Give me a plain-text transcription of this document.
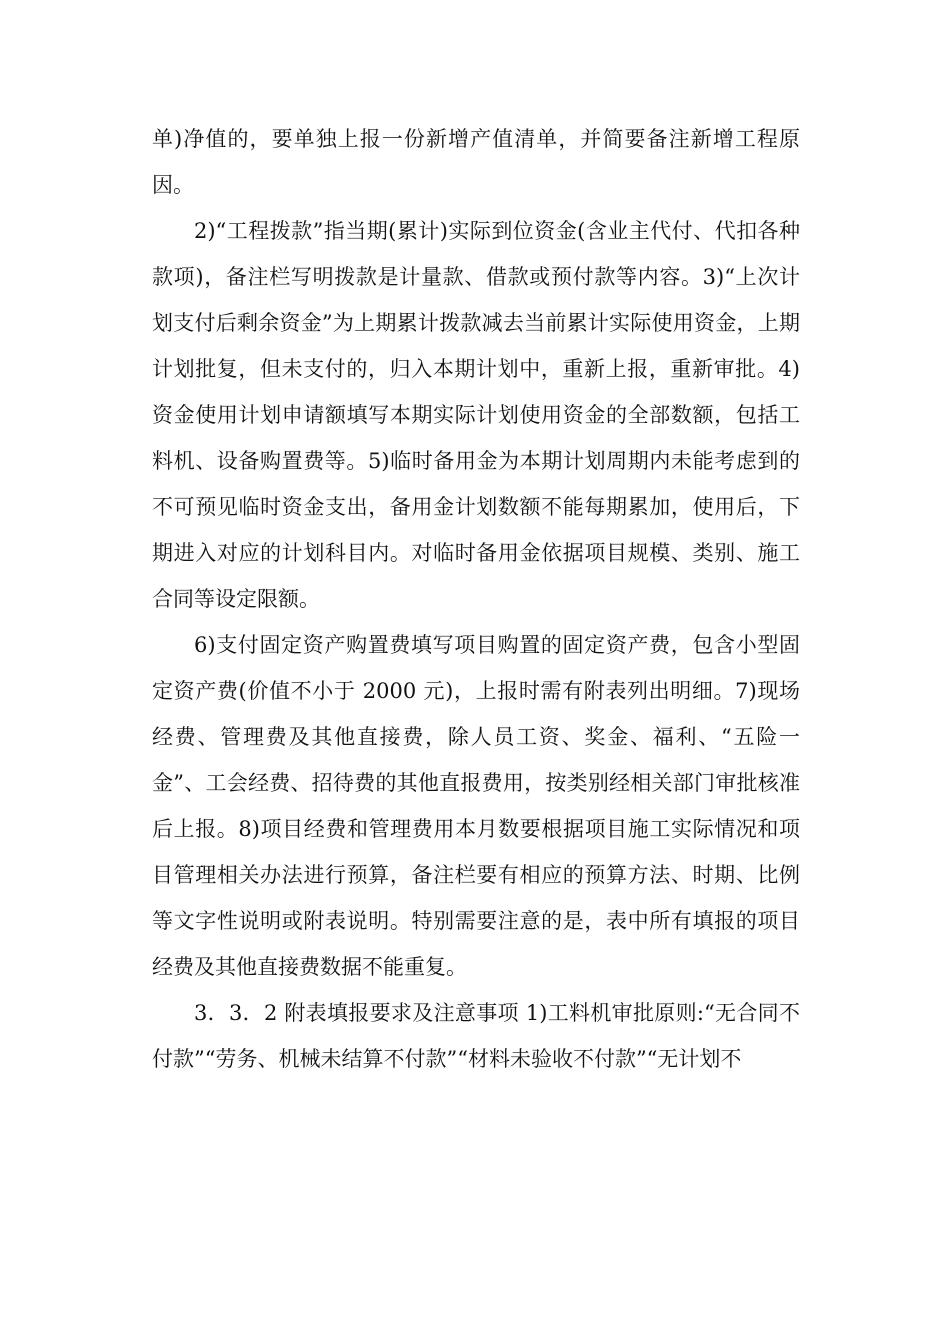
单)净值的，要单独上报一份新增产值清单，并简要备注新增工程原因。

2)“工程拨款”指当期(累计)实际到位资金(含业主代付、代扣各种款项)，备注栏写明拨款是计量款、借款或预付款等内容。3)“上次计划支付后剩余资金”为上期累计拨款减去当前累计实际使用资金，上期计划批复，但未支付的，归入本期计划中，重新上报，重新审批。4)资金使用计划申请额填写本期实际计划使用资金的全部数额，包括工料机、设备购置费等。5)临时备用金为本期计划周期内未能考虑到的不可预见临时资金支出，备用金计划数额不能每期累加，使用后，下期进入对应的计划科目内。对临时备用金依据项目规模、类别、施工合同等设定限额。

6)支付固定资产购置费填写项目购置的固定资产费，包含小型固定资产费(价值不小于 2000 元)，上报时需有附表列出明细。7)现场经费、管理费及其他直接费，除人员工资、奖金、福利、“五险一金”、工会经费、招待费的其他直报费用，按类别经相关部门审批核准后上报。8)项目经费和管理费用本月数要根据项目施工实际情况和项目管理相关办法进行预算，备注栏要有相应的预算方法、时期、比例等文字性说明或附表说明。特别需要注意的是，表中所有填报的项目经费及其他直接费数据不能重复。

3．3．2 附表填报要求及注意事项 1)工料机审批原则:“无合同不付款”“劳务、机械未结算不付款”“材料未验收不付款”“无计划不
